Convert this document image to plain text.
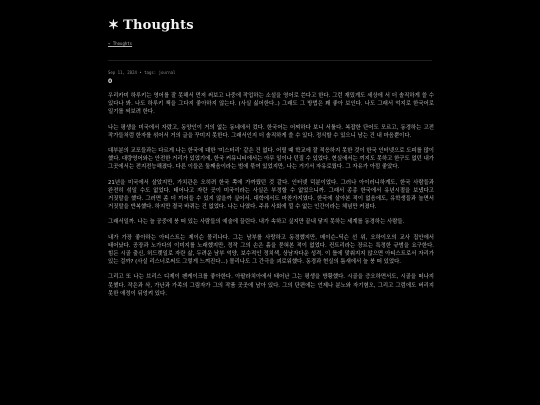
✶ Thoughts
→ Thoughts
Sep 11, 2024 • tags: journal
0

우리카미 하루키는 영어를 잘 못해서 먼저 써보고 나중에 작업하는 소설을 영어로 쓴다고 한다. 그런 재밌게도 세상에 서 더 솔직하게 쓸 수 있다나 봐. 나도 하루키 책을 그다지 좋아하지 않는다. (사실 싫어한다..) 그래도 그 방법은 꽤 좋아 보인다. 나도 그래서 억지로 한국어로 일기를 써보려 한다.

나는 평생을 미국에서 자랐고, 동양인이 거의 없는 동네에서 컸다. 한국어는 어찌하다 보니 서툴다. 복잡한 단어도 모르고, 동경하는 고전 작가들처럼 한자를 섞어서 거의 글을 꾸미지 못한다. 그래서인지 더 솔직하게 쓸 수 있다. 정식할 수 있으니 남는 건 내 마음뿐이다.

대부분의 교포들과는 다르게 나는 한국에 대한 ‘미스터리’ 같은 건 없다. 어릴 때 학교에 잘 적응하지 못한 것이 한국 인터넷으로 도피를 많이 했다. 대량영어와는 안전한 거리가 있었기에, 한국 커뮤니티에서는 아무 일이나 던질 수 있었다. 현실에서는 끼지도 못하고 한구도 없던 내가 그곳에서는 전지전능해졌다. 다른 이들은 둘째음이라는 범에 묶여 있었지만, 나는 거기서 자유로웠다. 그 자유가 아낌 좋았다.

21년을 미국에서 살았지만, 가치관은 오히려 한국 쪽에 가까웠던 것 같다. 인터넷 덕분이었다. 그러나 아이러니하게도, 한국 사람들과 완전히 섞일 수도 없었다. 태어나고 자란 곳이 미국이라는 사실은 부정할 수 없었으니까. 그래서 종종 한국에서 유년시절을 보냈다고 거짓말을 했다. 그러면 좀 더 끼어들 수 있지 않을까 싶어서. 대학에서도 마찬가지였다. 한국에 살아본 적이 없음에도, 유학생들과 놀면서 거짓말을 반복했다. 하지만 결국 바뀌는 건 없었다. 나는 나였다. 주류 사회에 낄 수 없는 인간이라는 체념만 커졌다.

그래서일까. 나는 늘 공중에 붕 떠 있는 사람들의 예술에 끌린다. 내가 속하고 싶지만 끝내 닿지 못하는 세계를 동경하는 사람들.

내가 가장 좋아하는 아티스트는 제이슨 몰리나다. 그는 남부를 사랑하고 동경했지만, 메이슨–딕슨 선 위, 오하이오의 교사 집안에서 태어났다. 공장과 노가다의 이미지를 노래했지만, 정작 그의 손은 흙을 묻혀본 적이 없었다. 컨트리라는 장르는 특정한 규범을 요구한다. 힘든 시골 출신, 허드렛일로 자란 삶, 두려운 남부 억양, 보수적인 정치색, 상남자다운 성격. 이 틀에 맞춰지지 않으면 아티스트로서 자리가 있는 걸까? (사실 리스너로써도 그렇게 느껴진다...) 몰리나도 그 간극을 괴로워했다. 동경과 현실의 틈새에서 늘 붕 떠 있었다.

그리고 또 나는 브리스 디제이 펜케이크를 좋아한다. 아팔라치아에서 태어난 그는 평생을 방황했다. 시골을 증오하면서도, 시골을 떠나지 못했다. 작은과 삭, 가난과 가족의 그림자가 그의 작품 곳곳에 남아 있다. 그의 단편에는 언제나 분노와 자기혐오, 그리고 그럼에도 버리지 못한 애정이 뒤엉켜 있다.
